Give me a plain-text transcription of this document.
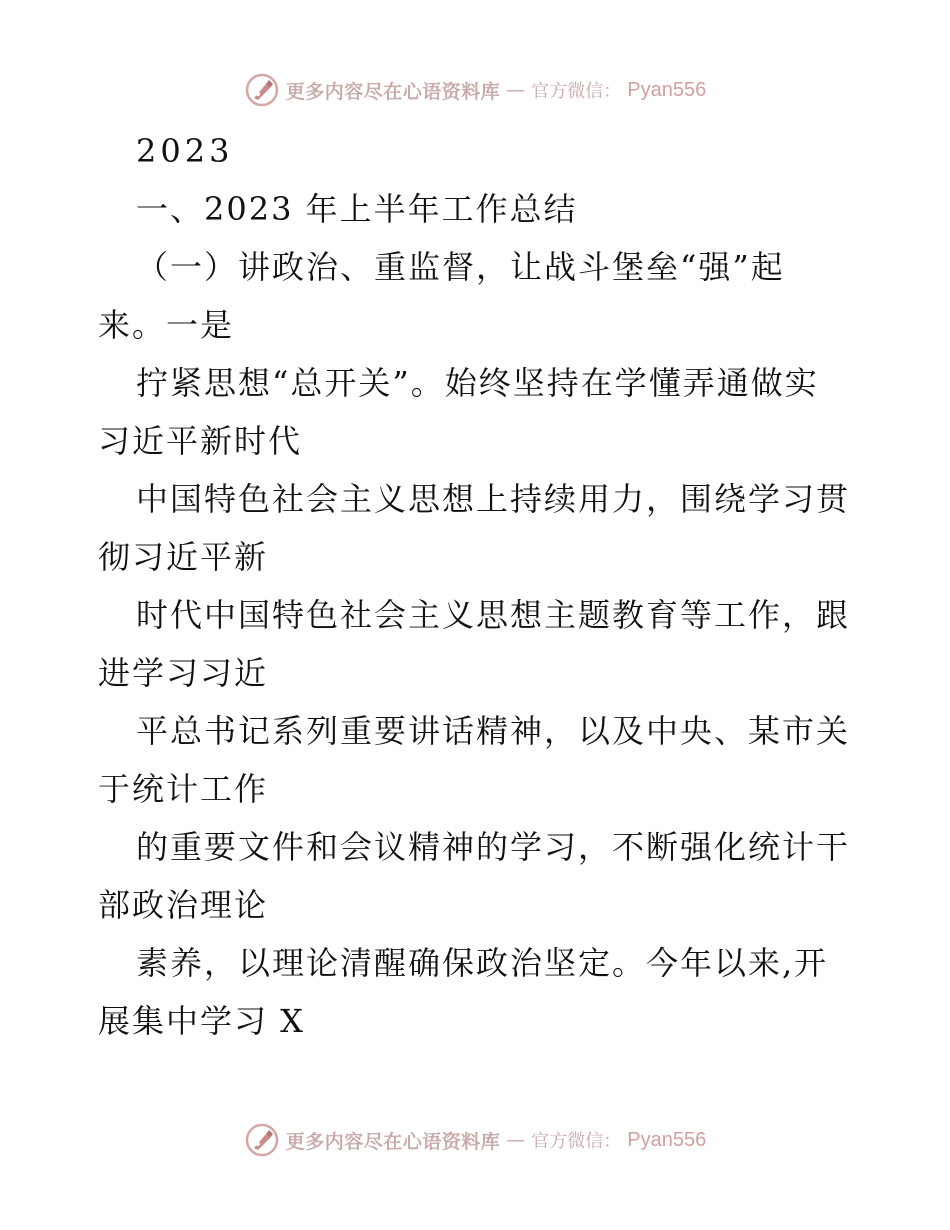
更多内容尽在心语资料库 — 官方微信： Pyan556
2023
一、2023 年上半年工作总结
（一）讲政治、重监督，让战斗堡垒“强”起
来。一是
拧紧思想“总开关”。始终坚持在学懂弄通做实
习近平新时代
中国特色社会主义思想上持续用力，围绕学习贯
彻习近平新
时代中国特色社会主义思想主题教育等工作，跟
进学习习近
平总书记系列重要讲话精神，以及中央、某市关
于统计工作
的重要文件和会议精神的学习，不断强化统计干
部政治理论
素养，以理论清醒确保政治坚定。今年以来,开
展集中学习 X
更多内容尽在心语资料库 — 官方微信： Pyan556
